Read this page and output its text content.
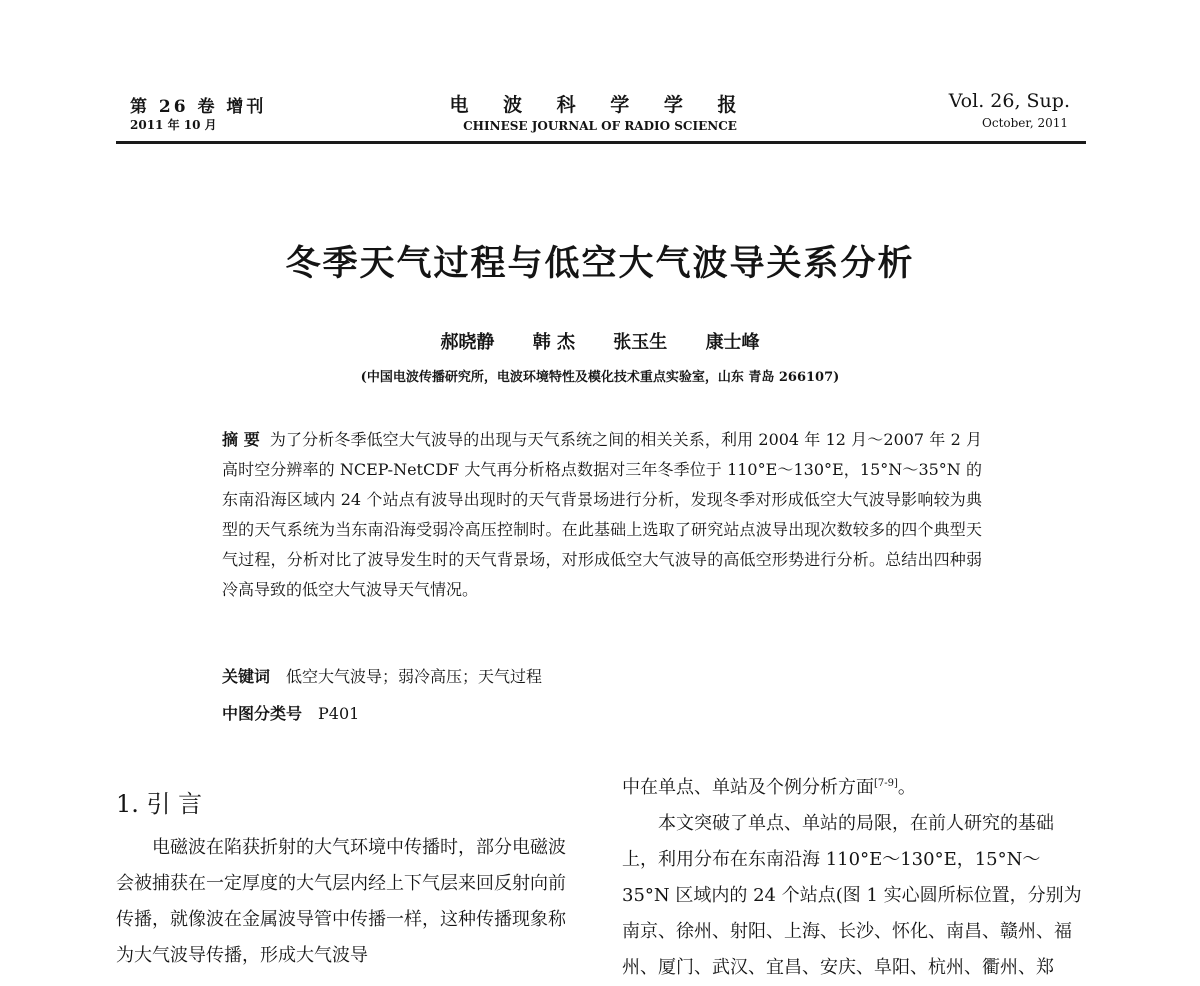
第 26 卷 增刊
2011 年 10 月
电 波 科 学 学 报
CHINESE JOURNAL OF RADIO SCIENCE
Vol. 26, Sup.
October, 2011
冬季天气过程与低空大气波导关系分析
郝晓静 韩 杰 张玉生 康士峰
(中国电波传播研究所，电波环境特性及模化技术重点实验室，山东 青岛 266107)
摘 要 为了分析冬季低空大气波导的出现与天气系统之间的相关关系，利用 2004 年 12 月～2007 年 2 月高时空分辨率的 NCEP-NetCDF 大气再分析格点数据对三年冬季位于 110°E～130°E，15°N～35°N 的东南沿海区域内 24 个站点有波导出现时的天气背景场进行分析，发现冬季对形成低空大气波导影响较为典型的天气系统为当东南沿海受弱冷高压控制时。在此基础上选取了研究站点波导出现次数较多的四个典型天气过程，分析对比了波导发生时的天气背景场，对形成低空大气波导的高低空形势进行分析。总结出四种弱冷高导致的低空大气波导天气情况。
关键词 低空大气波导；弱冷高压；天气过程
中图分类号 P401
1. 引 言

电磁波在陷获折射的大气环境中传播时，部分电磁波会被捕获在一定厚度的大气层内经上下气层来回反射向前传播，就像波在金属波导管中传播一样，这种传播现象称为大气波导传播，形成大气波导

中在单点、单站及个例分析方面[7-9]。

本文突破了单点、单站的局限，在前人研究的基础上，利用分布在东南沿海 110°E～130°E，15°N～35°N 区域内的 24 个站点(图 1 实心圆所标位置，分别为南京、徐州、射阳、上海、长沙、怀化、南昌、赣州、福州、厦门、武汉、宜昌、安庆、阜阳、杭州、衢州、郑
